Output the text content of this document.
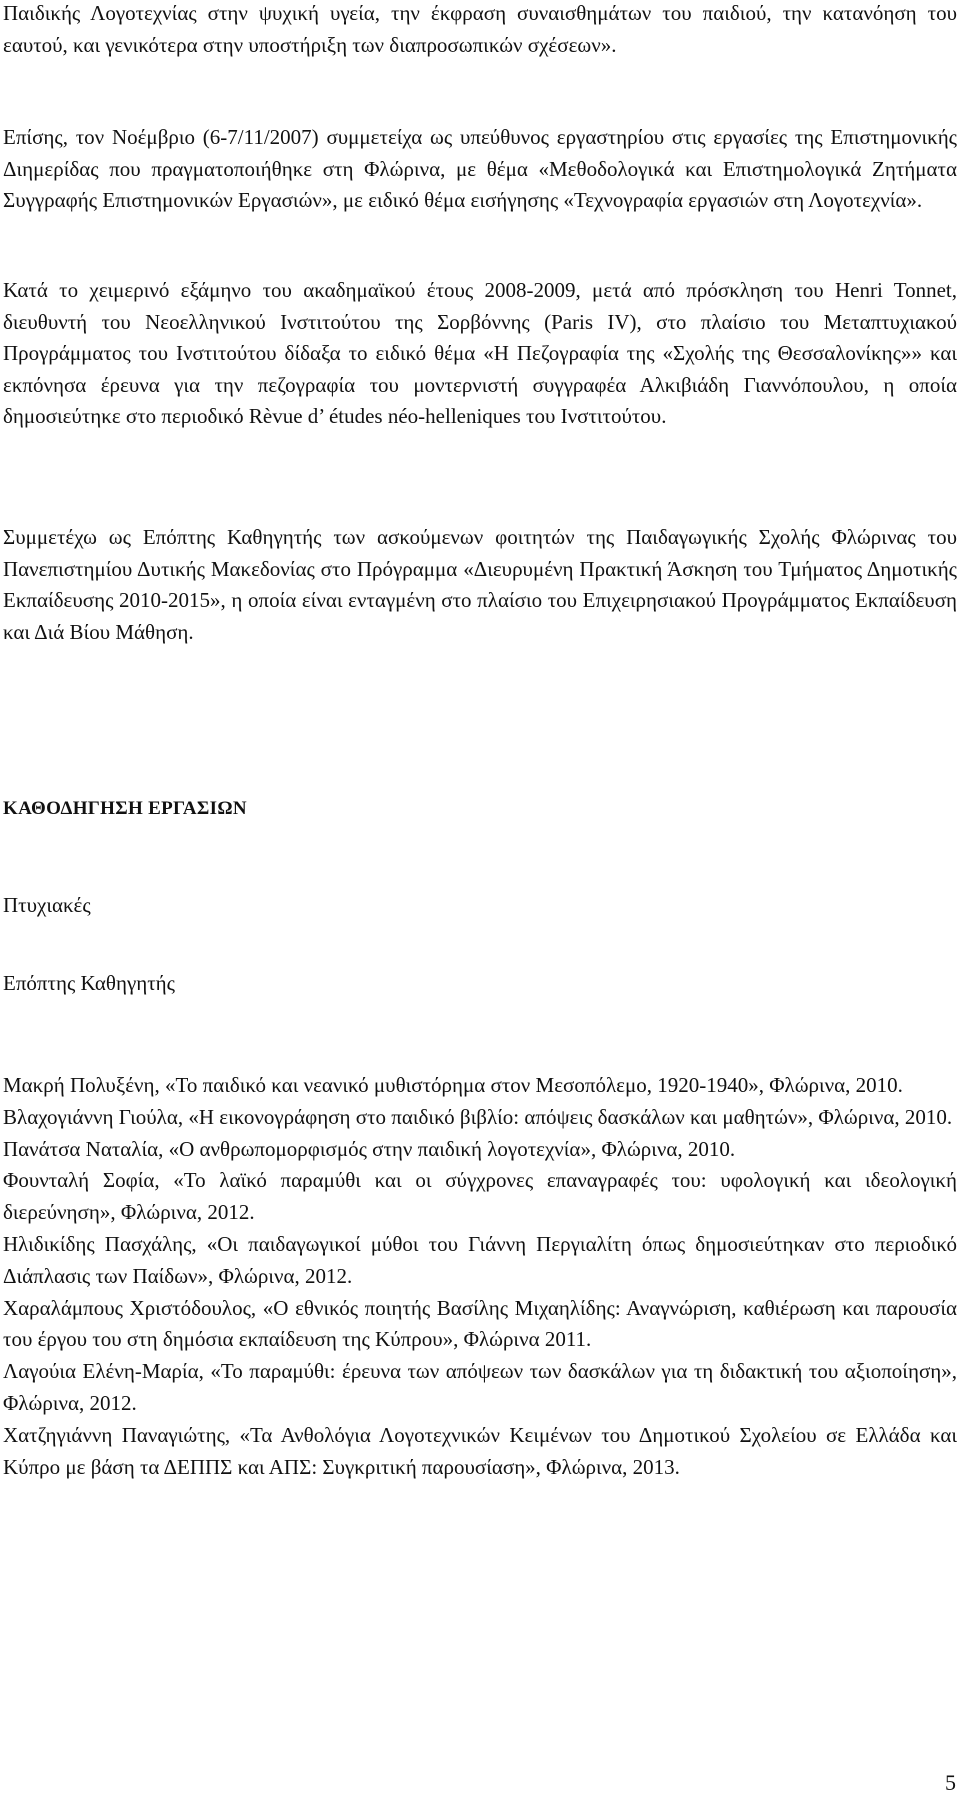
Παιδικής Λογοτεχνίας στην ψυχική υγεία, την έκφραση συναισθημάτων του παιδιού, την κατανόηση του εαυτού, και γενικότερα στην υποστήριξη των διαπροσωπικών σχέσεων».

Επίσης, τον Νοέμβριο (6-7/11/2007) συμμετείχα ως υπεύθυνος εργαστηρίου στις εργασίες της Επιστημονικής Διημερίδας που πραγματοποιήθηκε στη Φλώρινα, με θέμα «Μεθοδολογικά και Επιστημολογικά Ζητήματα Συγγραφής Επιστημονικών Εργασιών», με ειδικό θέμα εισήγησης «Τεχνογραφία εργασιών στη Λογοτεχνία».

Κατά το χειμερινό εξάμηνο του ακαδημαϊκού έτους 2008-2009, μετά από πρόσκληση του Henri Tonnet, διευθυντή του Νεοελληνικού Ινστιτούτου της Σορβόννης (Paris IV), στο πλαίσιο του Μεταπτυχιακού Προγράμματος του Ινστιτούτου δίδαξα το ειδικό θέμα «Η Πεζογραφία της «Σχολής της Θεσσαλονίκης»» και εκπόνησα έρευνα για την πεζογραφία του μοντερνιστή συγγραφέα Αλκιβιάδη Γιαννόπουλου, η οποία δημοσιεύτηκε στο περιοδικό Rèvue d’ études néo-helleniques του Ινστιτούτου.

Συμμετέχω ως Επόπτης Καθηγητής των ασκούμενων φοιτητών της Παιδαγωγικής Σχολής Φλώρινας του Πανεπιστημίου Δυτικής Μακεδονίας στο Πρόγραμμα «Διευρυμένη Πρακτική Άσκηση του Τμήματος Δημοτικής Εκπαίδευσης 2010-2015», η οποία είναι ενταγμένη στο πλαίσιο του Επιχειρησιακού Προγράμματος Εκπαίδευση και Διά Βίου Μάθηση.

ΚΑΘΟΔΗΓΗΣΗ ΕΡΓΑΣΙΩΝ
Πτυχιακές
Επόπτης Καθηγητής
Μακρή Πολυξένη, «Το παιδικό και νεανικό μυθιστόρημα στον Μεσοπόλεμο, 1920-1940», Φλώρινα, 2010.
Βλαχογιάννη Γιούλα, «Η εικονογράφηση στο παιδικό βιβλίο: απόψεις δασκάλων και μαθητών», Φλώρινα, 2010.
Πανάτσα Ναταλία, «Ο ανθρωπομορφισμός στην παιδική λογοτεχνία», Φλώρινα, 2010.
Φουνταλή Σοφία, «Το λαϊκό παραμύθι και οι σύγχρονες επαναγραφές του: υφολογική και ιδεολογική διερεύνηση», Φλώρινα, 2012.
Ηλιδικίδης Πασχάλης, «Οι παιδαγωγικοί μύθοι του Γιάννη Περγιαλίτη όπως δημοσιεύτηκαν στο περιοδικό Διάπλασις των Παίδων», Φλώρινα, 2012.
Χαραλάμπους Χριστόδουλος, «Ο εθνικός ποιητής Βασίλης Μιχαηλίδης: Αναγνώριση, καθιέρωση και παρουσία του έργου του στη δημόσια εκπαίδευση της Κύπρου», Φλώρινα 2011.
Λαγούια Ελένη-Μαρία, «Το παραμύθι: έρευνα των απόψεων των δασκάλων για τη διδακτική του αξιοποίηση», Φλώρινα, 2012.
Χατζηγιάννη Παναγιώτης, «Τα Ανθολόγια Λογοτεχνικών Κειμένων του Δημοτικού Σχολείου σε Ελλάδα και Κύπρο με βάση τα ΔΕΠΠΣ και ΑΠΣ: Συγκριτική παρουσίαση», Φλώρινα, 2013.
5
